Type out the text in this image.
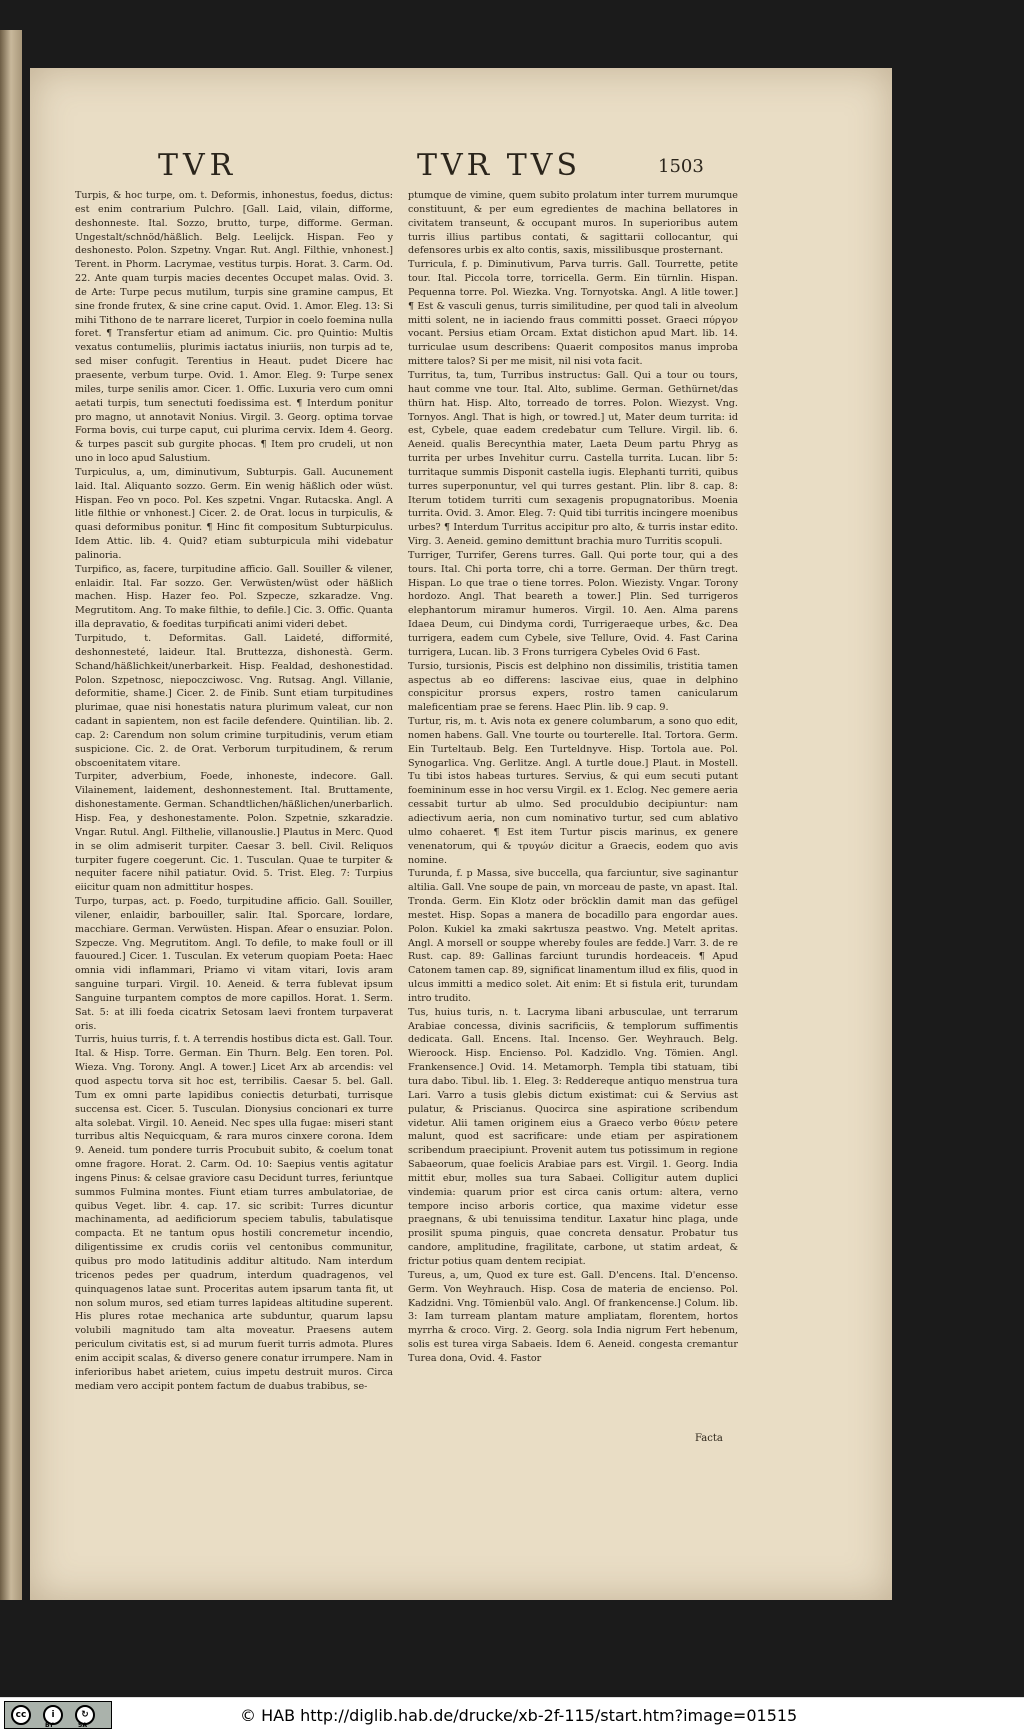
TVR	TVR TVS	1503

Turpis, & hoc turpe, om. t. Deformis, inhonestus, foedus, dictus: est enim contrarium Pulchro. [Gall. Laid, vilain, difforme, deshonneste. Ital. Sozzo, brutto, turpe, difforme. German. Ungestalt/schnöd/häßlich. Belg. Leelijck. Hispan. Feo y deshonesto. Polon. Szpetny. Vngar. Rut. Angl. Filthie, vnhonest.] Terent. in Phorm. Lacrymae, vestitus turpis. Horat. 3. Carm. Od. 22. Ante quam turpis macies decentes Occupet malas. Ovid. 3. de Arte: Turpe pecus mutilum, turpis sine gramine campus, Et sine fronde frutex, & sine crine caput. Ovid. 1. Amor. Eleg. 13: Si mihi Tithono de te narrare liceret, Turpior in coelo foemina nulla foret. ¶ Transfertur etiam ad animum. Cic. pro Quintio: Multis vexatus contumeliis, plurimis iactatus iniuriis, non turpis ad te, sed miser confugit. Terentius in Heaut. pudet Dicere hac praesente, verbum turpe. Ovid. 1. Amor. Eleg. 9: Turpe senex miles, turpe senilis amor. Cicer. 1. Offic. Luxuria vero cum omni aetati turpis, tum senectuti foedissima est. ¶ Interdum ponitur pro magno, ut annotavit Nonius. Virgil. 3. Georg. optima torvae Forma bovis, cui turpe caput, cui plurima cervix. Idem 4. Georg. & turpes pascit sub gurgite phocas. ¶ Item pro crudeli, ut non uno in loco apud Salustium.

Turpiculus, a, um, diminutivum, Subturpis. Gall. Aucunement laid. Ital. Aliquanto sozzo. Germ. Ein wenig häßlich oder wüst. Hispan. Feo vn poco. Pol. Kes szpetni. Vngar. Rutacska. Angl. A litle filthie or vnhonest.] Cicer. 2. de Orat. locus in turpiculis, & quasi deformibus ponitur. ¶ Hinc fit compositum Subturpiculus. Idem Attic. lib. 4. Quid? etiam subturpicula mihi videbatur palinoria.

Turpifico, as, facere, turpitudine afficio. Gall. Souiller & vilener, enlaidir. Ital. Far sozzo. Ger. Verwüsten/wüst oder häßlich machen. Hisp. Hazer feo. Pol. Szpecze, szkaradze. Vng. Megrutitom. Ang. To make filthie, to defile.] Cic. 3. Offic. Quanta illa depravatio, & foeditas turpificati animi videri debet.

Turpitudo, t. Deformitas. Gall. Laideté, difformité, deshonnesteté, laideur. Ital. Bruttezza, dishonestà. Germ. Schand/häßlichkeit/unerbarkeit. Hisp. Fealdad, deshonestidad. Polon. Szpetnosc, niepoczciwosc. Vng. Rutsag. Angl. Villanie, deformitie, shame.] Cicer. 2. de Finib. Sunt etiam turpitudines plurimae, quae nisi honestatis natura plurimum valeat, cur non cadant in sapientem, non est facile defendere. Quintilian. lib. 2. cap. 2: Carendum non solum crimine turpitudinis, verum etiam suspicione. Cic. 2. de Orat. Verborum turpitudinem, & rerum obscoenitatem vitare.

Turpiter, adverbium, Foede, inhoneste, indecore. Gall. Vilainement, laidement, deshonnestement. Ital. Bruttamente, dishonestamente. German. Schandtlichen/häßlichen/unerbarlich. Hisp. Fea, y deshonestamente. Polon. Szpetnie, szkaradzie. Vngar. Rutul. Angl. Filthelie, villanouslie.] Plautus in Merc. Quod in se olim admiserit turpiter. Caesar 3. bell. Civil. Reliquos turpiter fugere coegerunt. Cic. 1. Tusculan. Quae te turpiter & nequiter facere nihil patiatur. Ovid. 5. Trist. Eleg. 7: Turpius eiicitur quam non admittitur hospes.

Turpo, turpas, act. p. Foedo, turpitudine afficio. Gall. Souiller, vilener, enlaidir, barbouiller, salir. Ital. Sporcare, lordare, macchiare. German. Verwüsten. Hispan. Afear o ensuziar. Polon. Szpecze. Vng. Megrutitom. Angl. To defile, to make foull or ill fauoured.] Cicer. 1. Tusculan. Ex veterum quopiam Poeta: Haec omnia vidi inflammari, Priamo vi vitam vitari, Iovis aram sanguine turpari. Virgil. 10. Aeneid. & terra fublevat ipsum Sanguine turpantem comptos de more capillos. Horat. 1. Serm. Sat. 5: at illi foeda cicatrix Setosam laevi frontem turpaverat oris.

Turris, huius turris, f. t. A terrendis hostibus dicta est. Gall. Tour. Ital. & Hisp. Torre. German. Ein Thurn. Belg. Een toren. Pol. Wieza. Vng. Torony. Angl. A tower.] Licet Arx ab arcendis: vel quod aspectu torva sit hoc est, terribilis. Caesar 5. bel. Gall. Tum ex omni parte lapidibus coniectis deturbati, turrisque succensa est. Cicer. 5. Tusculan. Dionysius concionari ex turre alta solebat. Virgil. 10. Aeneid. Nec spes ulla fugae: miseri stant turribus altis Nequicquam, & rara muros cinxere corona. Idem 9. Aeneid. tum pondere turris Procubuit subito, & coelum tonat omne fragore. Horat. 2. Carm. Od. 10: Saepius ventis agitatur ingens Pinus: & celsae graviore casu Decidunt turres, feriuntque summos Fulmina montes. Fiunt etiam turres ambulatoriae, de quibus Veget. libr. 4. cap. 17. sic scribit: Turres dicuntur machinamenta, ad aedificiorum speciem tabulis, tabulatisque compacta. Et ne tantum opus hostili concremetur incendio, diligentissime ex crudis coriis vel centonibus communitur, quibus pro modo latitudinis additur altitudo. Nam interdum tricenos pedes per quadrum, interdum quadragenos, vel quinquagenos latae sunt. Proceritas autem ipsarum tanta fit, ut non solum muros, sed etiam turres lapideas altitudine superent. His plures rotae mechanica arte subduntur, quarum lapsu volubili magnitudo tam alta moveatur. Praesens autem periculum civitatis est, si ad murum fuerit turris admota. Plures enim accipit scalas, & diverso genere conatur irrumpere. Nam in inferioribus habet arietem, cuius impetu destruit muros. Circa mediam vero accipit pontem factum de duabus trabibus, se-

ptumque de vimine, quem subito prolatum inter turrem murumque constituunt, & per eum egredientes de machina bellatores in civitatem transeunt, & occupant muros. In superioribus autem turris illius partibus contati, & sagittarii collocantur, qui defensores urbis ex alto contis, saxis, missilibusque prosternant.

Turricula, f. p. Diminutivum, Parva turris. Gall. Tourrette, petite tour. Ital. Piccola torre, torricella. Germ. Ein türnlin. Hispan. Pequenna torre. Pol. Wiezka. Vng. Tornyotska. Angl. A litle tower.] ¶ Est & vasculi genus, turris similitudine, per quod tali in alveolum mitti solent, ne in iaciendo fraus committi posset. Graeci πύργον vocant. Persius etiam Orcam. Extat distichon apud Mart. lib. 14. turriculae usum describens: Quaerit compositos manus improba mittere talos? Si per me misit, nil nisi vota facit.

Turritus, ta, tum, Turribus instructus: Gall. Qui a tour ou tours, haut comme vne tour. Ital. Alto, sublime. German. Gethürnet/das thürn hat. Hisp. Alto, torreado de torres. Polon. Wiezyst. Vng. Tornyos. Angl. That is high, or towred.] ut, Mater deum turrita: id est, Cybele, quae eadem credebatur cum Tellure. Virgil. lib. 6. Aeneid. qualis Berecynthia mater, Laeta Deum partu Phryg as turrita per urbes Invehitur curru. Castella turrita. Lucan. libr 5: turritaque summis Disponit castella iugis. Elephanti turriti, quibus turres superponuntur, vel qui turres gestant. Plin. libr 8. cap. 8: Iterum totidem turriti cum sexagenis propugnatoribus. Moenia turrita. Ovid. 3. Amor. Eleg. 7: Quid tibi turritis incingere moenibus urbes? ¶ Interdum Turritus accipitur pro alto, & turris instar edito. Virg. 3. Aeneid. gemino demittunt brachia muro Turritis scopuli.

Turriger, Turrifer, Gerens turres. Gall. Qui porte tour, qui a des tours. Ital. Chi porta torre, chi a torre. German. Der thürn tregt. Hispan. Lo que trae o tiene torres. Polon. Wiezisty. Vngar. Torony hordozo. Angl. That beareth a tower.] Plin. Sed turrigeros elephantorum miramur humeros. Virgil. 10. Aen. Alma parens Idaea Deum, cui Dindyma cordi, Turrigeraeque urbes, &c. Dea turrigera, eadem cum Cybele, sive Tellure, Ovid. 4. Fast Carina turrigera, Lucan. lib. 3 Frons turrigera Cybeles Ovid 6 Fast.

Tursio, tursionis, Piscis est delphino non dissimilis, tristitia tamen aspectus ab eo differens: lascivae eius, quae in delphino conspicitur prorsus expers, rostro tamen canicularum maleficentiam prae se ferens. Haec Plin. lib. 9 cap. 9.

Turtur, ris, m. t. Avis nota ex genere columbarum, a sono quo edit, nomen habens. Gall. Vne tourte ou tourterelle. Ital. Tortora. Germ. Ein Turteltaub. Belg. Een Turteldnyve. Hisp. Tortola aue. Pol. Synogarlica. Vng. Gerlitze. Angl. A turtle doue.] Plaut. in Mostell. Tu tibi istos habeas turtures. Servius, & qui eum secuti putant foemininum esse in hoc versu Virgil. ex 1. Eclog. Nec gemere aeria cessabit turtur ab ulmo. Sed proculdubio decipiuntur: nam adiectivum aeria, non cum nominativo turtur, sed cum ablativo ulmo cohaeret. ¶ Est item Turtur piscis marinus, ex genere venenatorum, qui & τρυγών dicitur a Graecis, eodem quo avis nomine.

Turunda, f. p Massa, sive buccella, qua farciuntur, sive saginantur altilia. Gall. Vne soupe de pain, vn morceau de paste, vn apast. Ital. Tronda. Germ. Ein Klotz oder bröcklin damit man das gefügel mestet. Hisp. Sopas a manera de bocadillo para engordar aues. Polon. Kukiel ka zmaki sakrtusza peastwo. Vng. Metelt apritas. Angl. A morsell or souppe whereby foules are fedde.] Varr. 3. de re Rust. cap. 89: Gallinas farciunt turundis hordeaceis. ¶ Apud Catonem tamen cap. 89, significat linamentum illud ex filis, quod in ulcus immitti a medico solet. Ait enim: Et si fistula erit, turundam intro trudito.

Tus, huius turis, n. t. Lacryma libani arbusculae, unt terrarum Arabiae concessa, divinis sacrificiis, & templorum suffimentis dedicata. Gall. Encens. Ital. Incenso. Ger. Weyhrauch. Belg. Wieroock. Hisp. Encienso. Pol. Kadzidlo. Vng. Tömien. Angl. Frankensence.] Ovid. 14. Metamorph. Templa tibi statuam, tibi tura dabo. Tibul. lib. 1. Eleg. 3: Reddereque antiquo menstrua tura Lari. Varro a tusis glebis dictum existimat: cui & Servius ast pulatur, & Priscianus. Quocirca sine aspiratione scribendum videtur. Alii tamen originem eius a Graeco verbo θύειν petere malunt, quod est sacrificare: unde etiam per aspirationem scribendum praecipiunt. Provenit autem tus potissimum in regione Sabaeorum, quae foelicis Arabiae pars est. Virgil. 1. Georg. India mittit ebur, molles sua tura Sabaei. Colligitur autem duplici vindemia: quarum prior est circa canis ortum: altera, verno tempore inciso arboris cortice, qua maxime videtur esse praegnans, & ubi tenuissima tenditur. Laxatur hinc plaga, unde prosilit spuma pinguis, quae concreta densatur. Probatur tus candore, amplitudine, fragilitate, carbone, ut statim ardeat, & frictur potius quam dentem recipiat.

Tureus, a, um, Quod ex ture est. Gall. D'encens. Ital. D'encenso. Germ. Von Weyhrauch. Hisp. Cosa de materia de encienso. Pol. Kadzidni. Vng. Tömienbül valo. Angl. Of frankencense.] Colum. lib. 3: Iam turream plantam mature ampliatam, florentem, hortos myrrha & croco. Virg. 2. Georg. sola India nigrum Fert hebenum, solis est turea virga Sabaeis. Idem 6. Aeneid. congesta cremantur Turea dona, Ovid. 4. Fastor

Facta
cc	i	↻
BY	SA
© HAB http://diglib.hab.de/drucke/xb-2f-115/start.htm?image=01515
